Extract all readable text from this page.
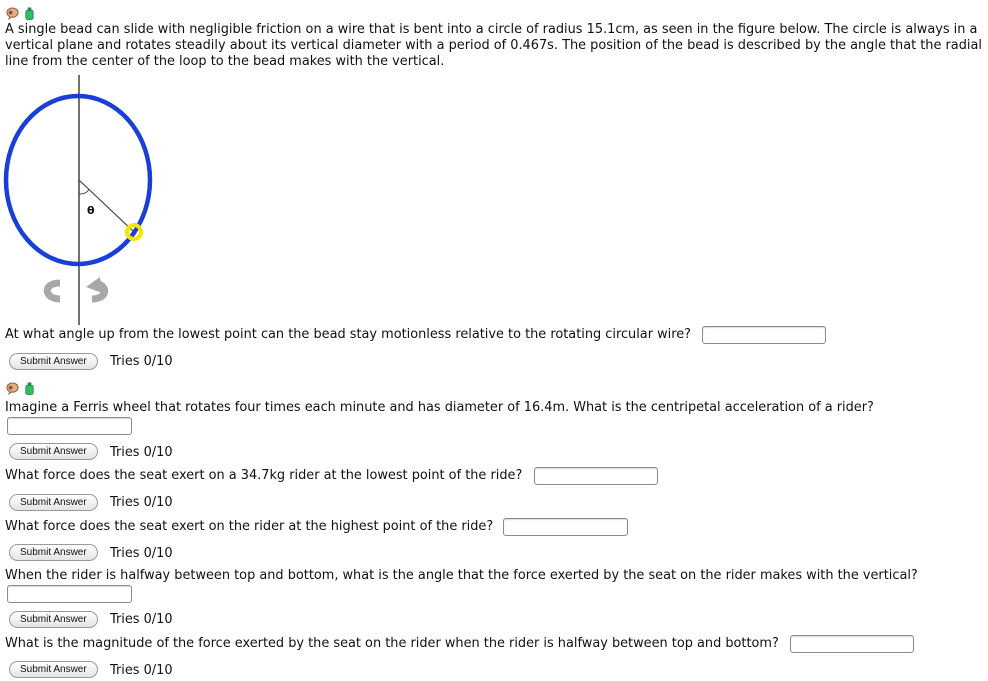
A single bead can slide with negligible friction on a wire that is bent into a circle of radius 15.1cm, as seen in the figure below. The circle is always in a vertical plane and rotates steadily about its vertical diameter with a period of 0.467s. The position of the bead is described by the angle that the radial line from the center of the loop to the bead makes with the vertical.
θ
At what angle up from the lowest point can the bead stay motionless relative to the rotating circular wire?
Submit Answer	Tries 0/10
Imagine a Ferris wheel that rotates four times each minute and has diameter of 16.4m. What is the centripetal acceleration of a rider?
Submit Answer	Tries 0/10
What force does the seat exert on a 34.7kg rider at the lowest point of the ride?
Submit Answer	Tries 0/10
What force does the seat exert on the rider at the highest point of the ride?
Submit Answer	Tries 0/10
When the rider is halfway between top and bottom, what is the angle that the force exerted by the seat on the rider makes with the vertical?
Submit Answer	Tries 0/10
What is the magnitude of the force exerted by the seat on the rider when the rider is halfway between top and bottom?
Submit Answer	Tries 0/10
